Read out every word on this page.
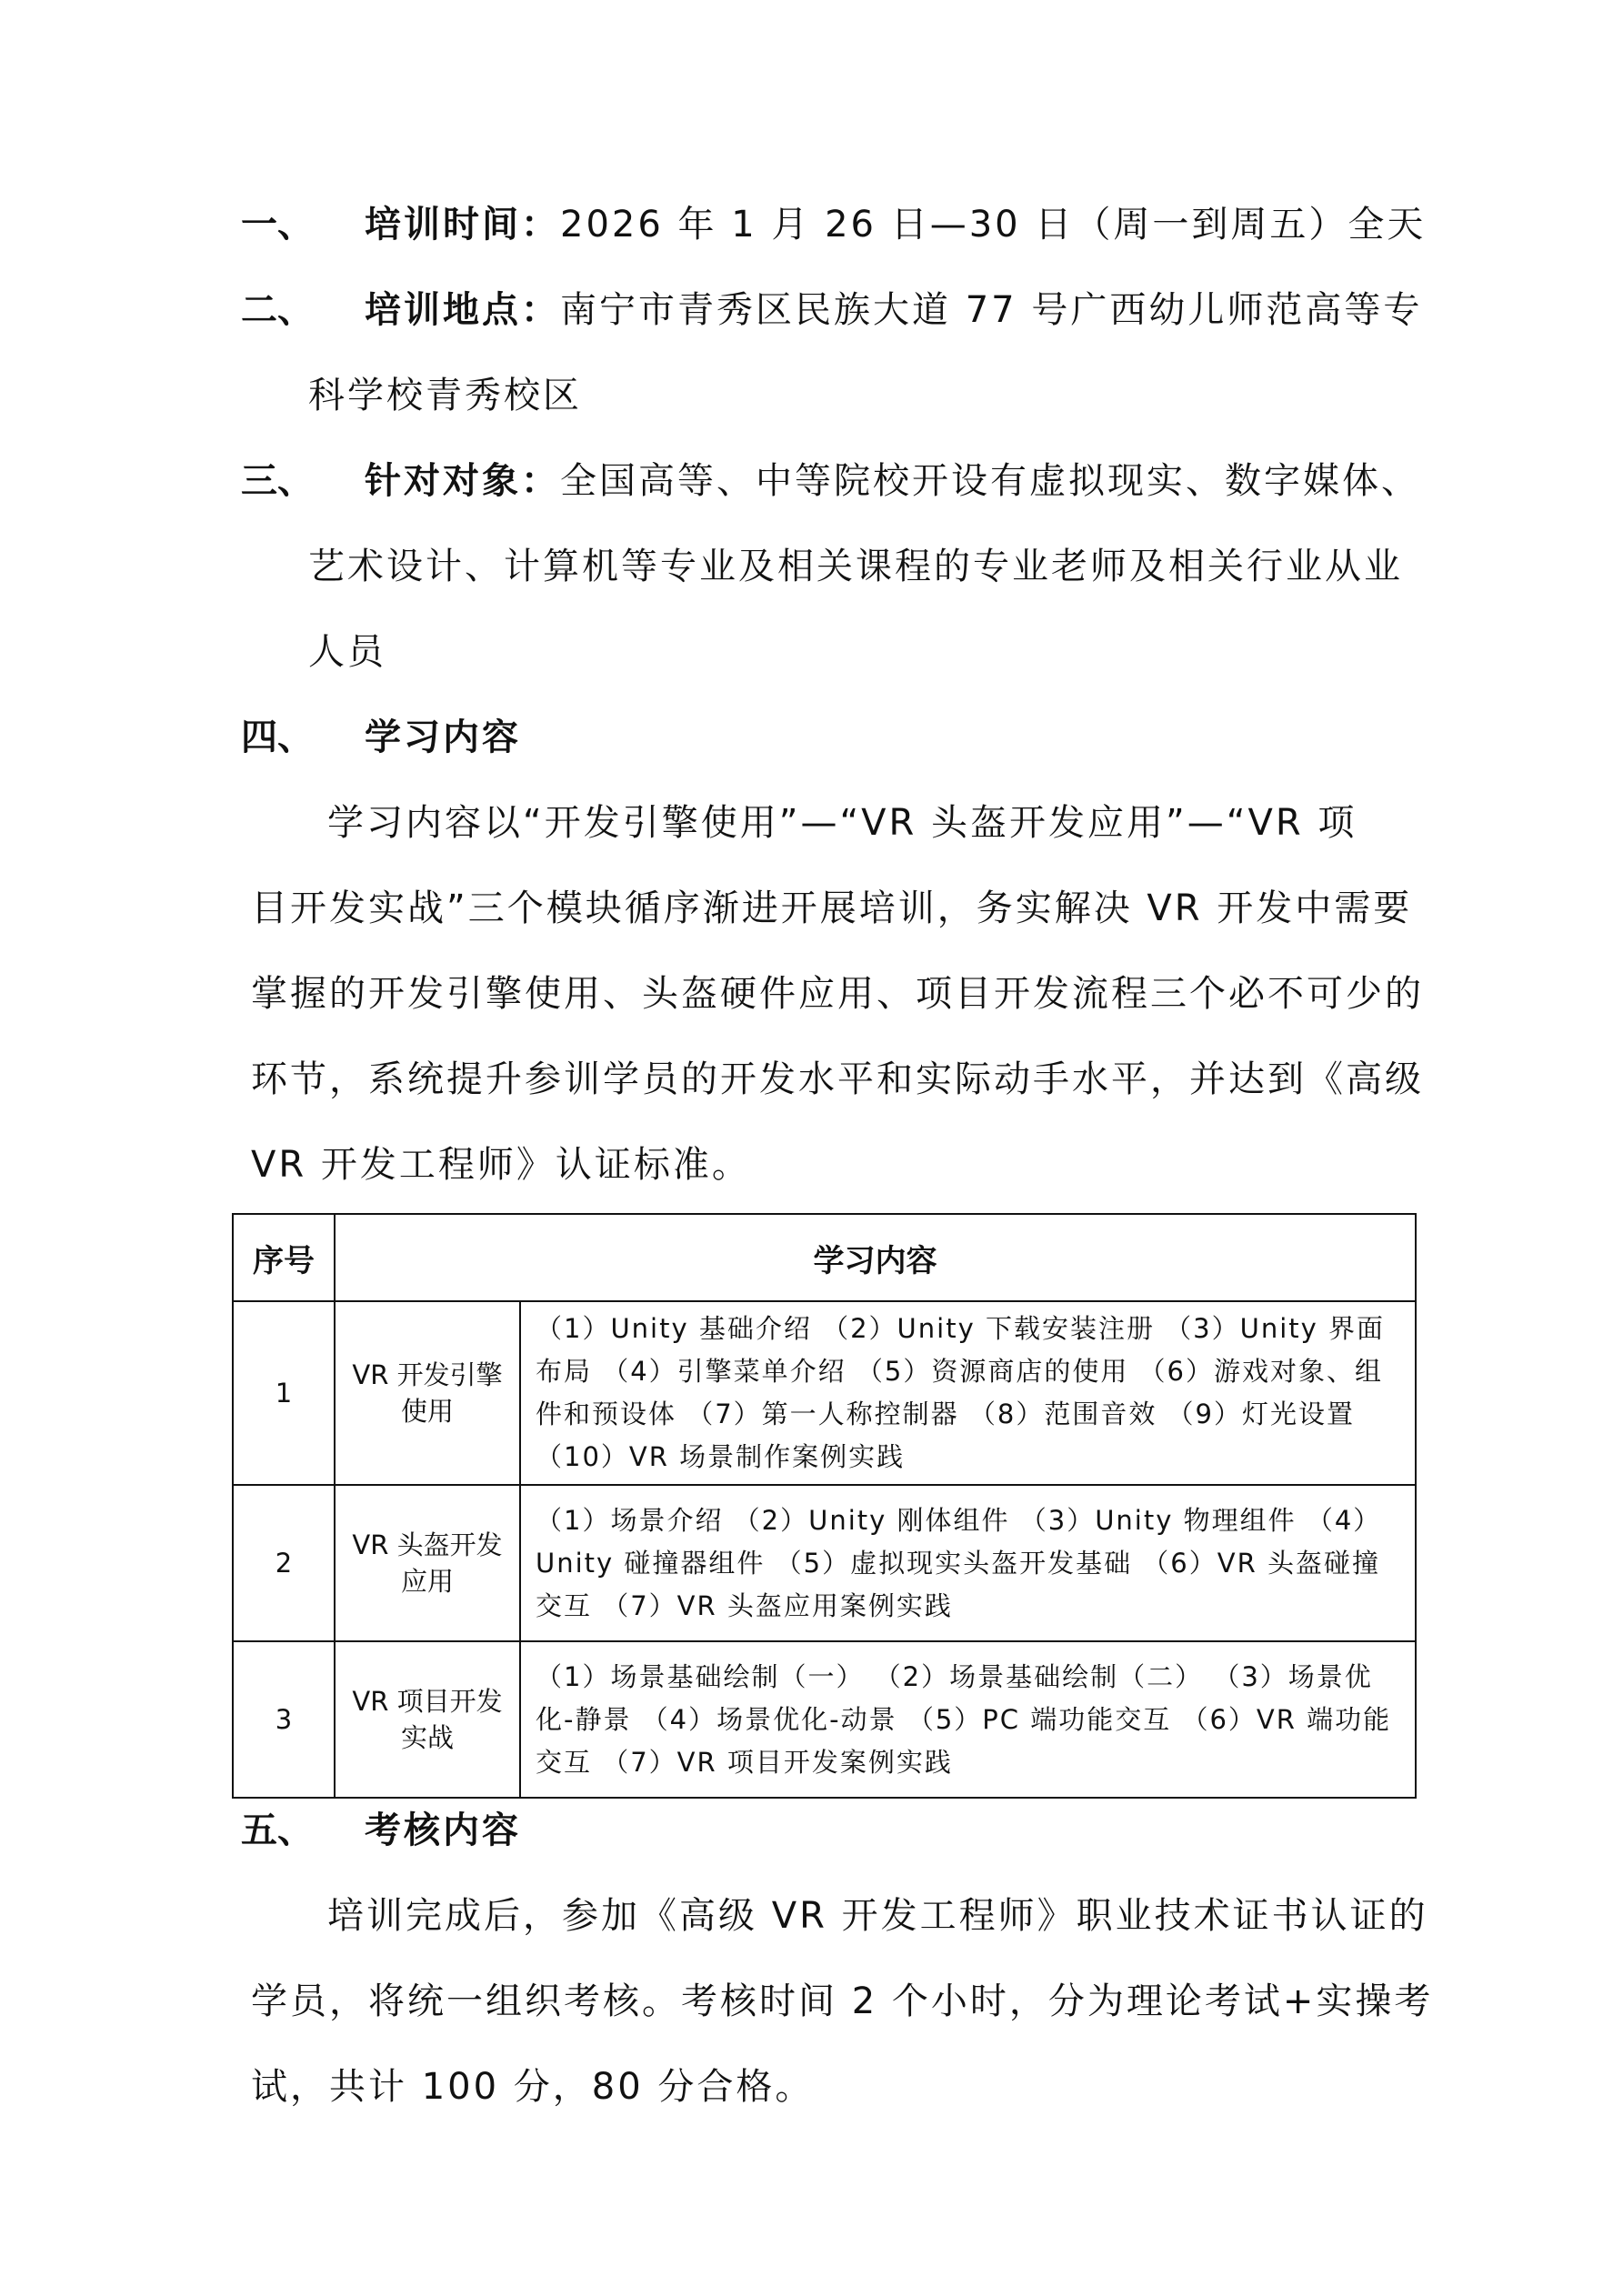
一、 培训时间：2026 年 1 月 26 日—30 日（周一到周五）全天
二、 培训地点：南宁市青秀区民族大道 77 号广西幼儿师范高等专
科学校青秀校区
三、 针对对象：全国高等、中等院校开设有虚拟现实、数字媒体、
艺术设计、计算机等专业及相关课程的专业老师及相关行业从业
人员
四、 学习内容
学习内容以“开发引擎使用”—“VR 头盔开发应用”—“VR 项
目开发实战”三个模块循序渐进开展培训，务实解决 VR 开发中需要
掌握的开发引擎使用、头盔硬件应用、项目开发流程三个必不可少的
环节，系统提升参训学员的开发水平和实际动手水平，并达到《高级
VR 开发工程师》认证标准。
序号	学习内容	
1	VR 开发引擎使用	（1）Unity 基础介绍 （2）Unity 下载安装注册 （3）Unity 界面布局 （4）引擎菜单介绍 （5）资源商店的使用 （6）游戏对象、组件和预设体 （7）第一人称控制器 （8）范围音效 （9）灯光设置 （10）VR 场景制作案例实践
2	VR 头盔开发应用	（1）场景介绍 （2）Unity 刚体组件 （3）Unity 物理组件 （4）Unity 碰撞器组件 （5）虚拟现实头盔开发基础 （6）VR 头盔碰撞交互 （7）VR 头盔应用案例实践
3	VR 项目开发实战	（1）场景基础绘制（一） （2）场景基础绘制（二） （3）场景优化-静景 （4）场景优化-动景 （5）PC 端功能交互 （6）VR 端功能交互 （7）VR 项目开发案例实践
五、 考核内容
培训完成后，参加《高级 VR 开发工程师》职业技术证书认证的
学员，将统一组织考核。考核时间 2 个小时，分为理论考试+实操考
试，共计 100 分，80 分合格。
